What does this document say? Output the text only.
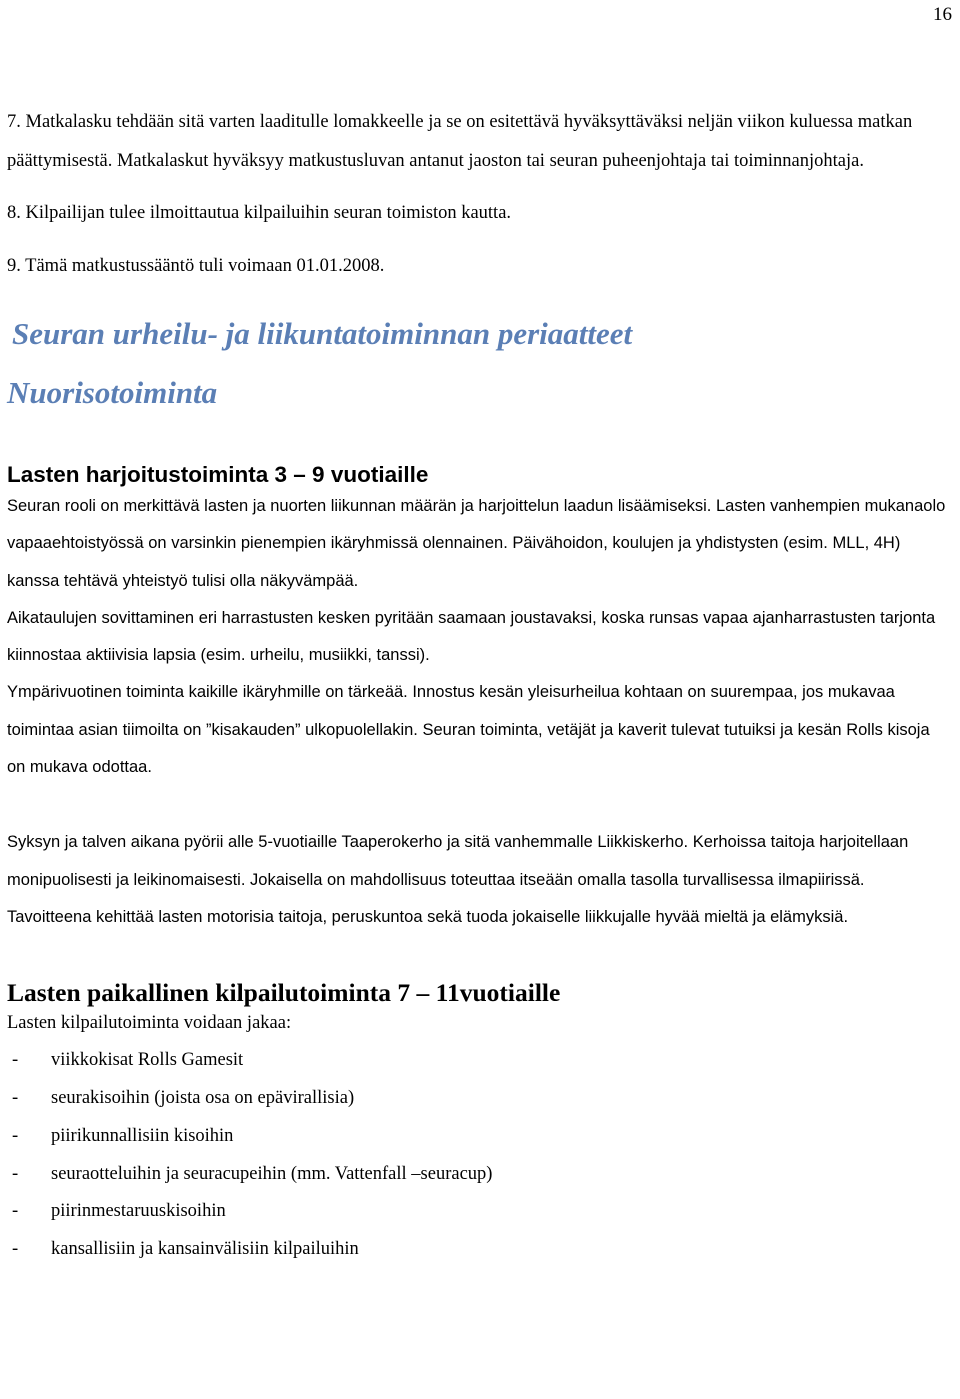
16

7. Matkalasku tehdään sitä varten laaditulle lomakkeelle ja se on esitettävä hyväksyttäväksi neljän viikon kuluessa matkan päättymisestä. Matkalaskut hyväksyy matkustusluvan antanut jaoston tai seuran puheenjohtaja tai toiminnanjohtaja.

8. Kilpailijan tulee ilmoittautua kilpailuihin seuran toimiston kautta.

9. Tämä matkustussääntö tuli voimaan 01.01.2008.

Seuran urheilu- ja liikuntatoiminnan periaatteet
Nuorisotoiminta
Lasten harjoitustoiminta 3 – 9 vuotiaille

Seuran rooli on merkittävä lasten ja nuorten liikunnan määrän ja harjoittelun laadun lisäämiseksi. Lasten vanhempien mukanaolo vapaaehtoistyössä on varsinkin pienempien ikäryhmissä olennainen. Päivähoidon, koulujen ja yhdistysten (esim. MLL, 4H) kanssa tehtävä yhteistyö tulisi olla näkyvämpää.

Aikataulujen sovittaminen eri harrastusten kesken pyritään saamaan joustavaksi, koska runsas vapaa ajanharrastusten tarjonta kiinnostaa aktiivisia lapsia (esim. urheilu, musiikki, tanssi).

Ympärivuotinen toiminta kaikille ikäryhmille on tärkeää. Innostus kesän yleisurheilua kohtaan on suurempaa, jos mukavaa toimintaa asian tiimoilta on ”kisakauden” ulkopuolellakin. Seuran toiminta, vetäjät ja kaverit tulevat tutuiksi ja kesän Rolls kisoja on mukava odottaa.

Syksyn ja talven aikana pyörii alle 5-vuotiaille Taaperokerho ja sitä vanhemmalle Liikkiskerho. Kerhoissa taitoja harjoitellaan monipuolisesti ja leikinomaisesti. Jokaisella on mahdollisuus toteuttaa itseään omalla tasolla turvallisessa ilmapiirissä. Tavoitteena kehittää lasten motorisia taitoja, peruskuntoa sekä tuoda jokaiselle liikkujalle hyvää mieltä ja elämyksiä.

Lasten paikallinen kilpailutoiminta 7 – 11vuotiaille

Lasten kilpailutoiminta voidaan jakaa:

- viikkokisat Rolls Gamesit
- seurakisoihin (joista osa on epävirallisia)
- piirikunnallisiin kisoihin
- seuraotteluihin ja seuracupeihin (mm. Vattenfall –seuracup)
- piirinmestaruuskisoihin
- kansallisiin ja kansainvälisiin kilpailuihin
